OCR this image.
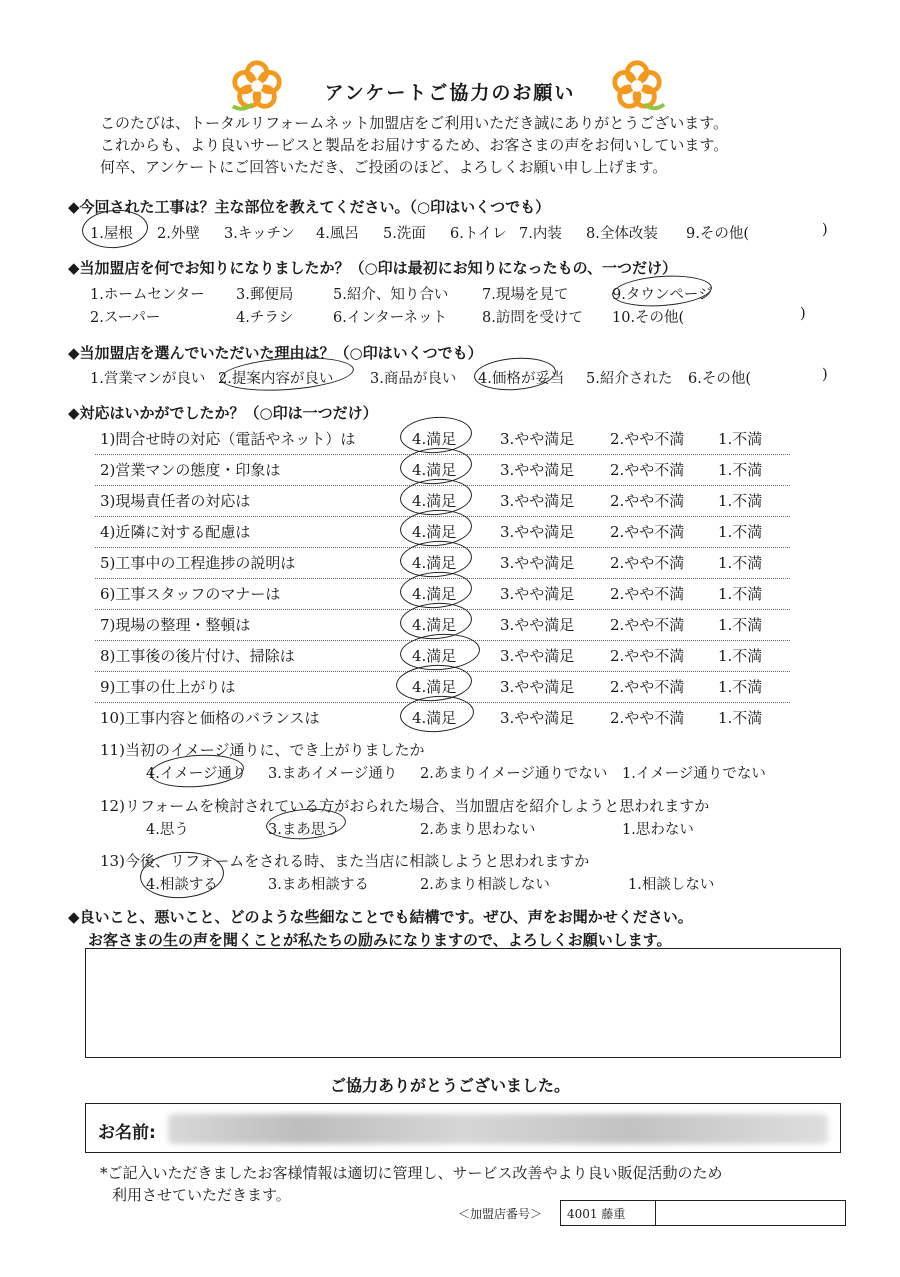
アンケートご協力のお願い
このたびは、トータルリフォームネット加盟店をご利用いただき誠にありがとうございます。
これからも、より良いサービスと製品をお届けするため、お客さまの声をお伺いしています。
何卒、アンケートにご回答いただき、ご投函のほど、よろしくお願い申し上げます。
◆今回された工事は？主な部位を教えてください。（○印はいくつでも）
1.屋根 2.外壁 3.キッチン 4.風呂 5.洗面 6.トイレ 7.内装 8.全体改装 9.その他(	)
◆当加盟店を何でお知りになりましたか？（○印は最初にお知りになったもの、一つだけ）
1.ホームセンター 3.郵便局	5.紹介、知り合い 7.現場を見て	9.タウンページ
2.スーパー	4.チラシ	6.インターネット 8.訪問を受けて 10.その他(	)
◆当加盟店を選んでいただいた理由は？（○印はいくつでも）
1.営業マンが良い 2.提案内容が良い	3.商品が良い 4.価格が妥当 5.紹介された 6.その他(	)
◆対応はいかがでしたか？（○印は一つだけ）
1)問合せ時の対応（電話やネット）は	4.満足	3.やや満足 2.やや不満 1.不満
2)営業マンの態度・印象は	4.満足	3.やや満足 2.やや不満 1.不満
3)現場責任者の対応は	4.満足	3.やや満足 2.やや不満 1.不満
4)近隣に対する配慮は	4.満足	3.やや満足 2.やや不満 1.不満
5)工事中の工程進捗の説明は	4.満足	3.やや満足 2.やや不満 1.不満
6)工事スタッフのマナーは	4.満足	3.やや満足 2.やや不満 1.不満
7)現場の整理・整頓は	4.満足	3.やや満足 2.やや不満 1.不満
8)工事後の後片付け、掃除は	4.満足	3.やや満足 2.やや不満 1.不満
9)工事の仕上がりは	4.満足	3.やや満足 2.やや不満 1.不満
10)工事内容と価格のバランスは	4.満足	3.やや満足 2.やや不満 1.不満
11)当初のイメージ通りに、でき上がりましたか
4.イメージ通り 3.まあイメージ通り 2.あまりイメージ通りでない 1.イメージ通りでない
12)リフォームを検討されている方がおられた場合、当加盟店を紹介しようと思われますか
4.思う	3.まあ思う	2.あまり思わない	1.思わない
13)今後、リフォームをされる時、また当店に相談しようと思われますか
4.相談する	3.まあ相談する	2.あまり相談しない	1.相談しない
◆良いこと、悪いこと、どのような些細なことでも結構です。ぜひ、声をお聞かせください。
お客さまの生の声を聞くことが私たちの励みになりますので、よろしくお願いします。
ご協力ありがとうございました。
お名前:
*ご記入いただきましたお客様情報は適切に管理し、サービス改善やより良い販促活動のため
利用させていただきます。
＜加盟店番号＞	4001 藤重
